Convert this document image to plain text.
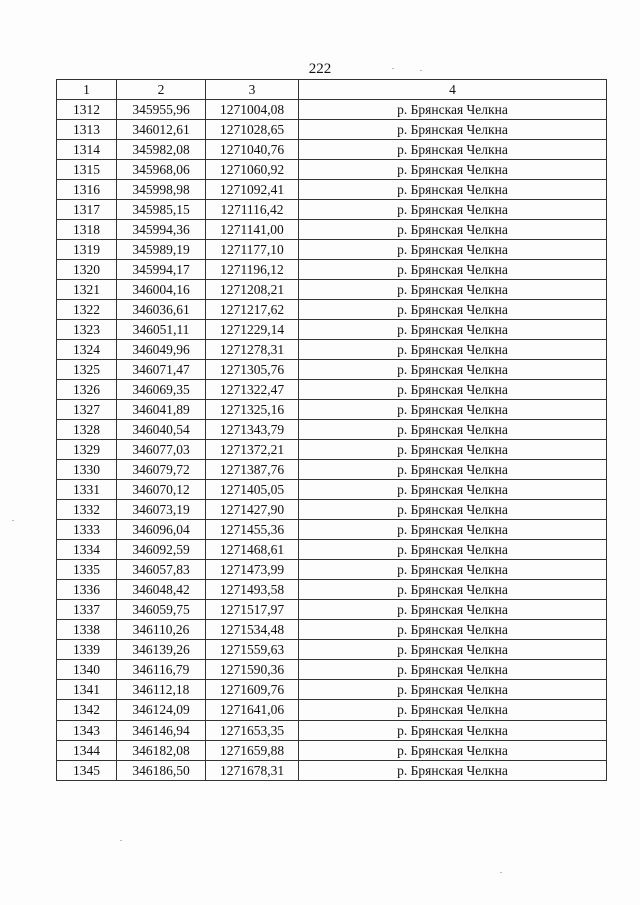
222
1	2	3	4
1312	345955,96	1271004,08	р. Брянская Челкна
1313	346012,61	1271028,65	р. Брянская Челкна
1314	345982,08	1271040,76	р. Брянская Челкна
1315	345968,06	1271060,92	р. Брянская Челкна
1316	345998,98	1271092,41	р. Брянская Челкна
1317	345985,15	1271116,42	р. Брянская Челкна
1318	345994,36	1271141,00	р. Брянская Челкна
1319	345989,19	1271177,10	р. Брянская Челкна
1320	345994,17	1271196,12	р. Брянская Челкна
1321	346004,16	1271208,21	р. Брянская Челкна
1322	346036,61	1271217,62	р. Брянская Челкна
1323	346051,11	1271229,14	р. Брянская Челкна
1324	346049,96	1271278,31	р. Брянская Челкна
1325	346071,47	1271305,76	р. Брянская Челкна
1326	346069,35	1271322,47	р. Брянская Челкна
1327	346041,89	1271325,16	р. Брянская Челкна
1328	346040,54	1271343,79	р. Брянская Челкна
1329	346077,03	1271372,21	р. Брянская Челкна
1330	346079,72	1271387,76	р. Брянская Челкна
1331	346070,12	1271405,05	р. Брянская Челкна
1332	346073,19	1271427,90	р. Брянская Челкна
1333	346096,04	1271455,36	р. Брянская Челкна
1334	346092,59	1271468,61	р. Брянская Челкна
1335	346057,83	1271473,99	р. Брянская Челкна
1336	346048,42	1271493,58	р. Брянская Челкна
1337	346059,75	1271517,97	р. Брянская Челкна
1338	346110,26	1271534,48	р. Брянская Челкна
1339	346139,26	1271559,63	р. Брянская Челкна
1340	346116,79	1271590,36	р. Брянская Челкна
1341	346112,18	1271609,76	р. Брянская Челкна
1342	346124,09	1271641,06	р. Брянская Челкна
1343	346146,94	1271653,35	р. Брянская Челкна
1344	346182,08	1271659,88	р. Брянская Челкна
1345	346186,50	1271678,31	р. Брянская Челкна
